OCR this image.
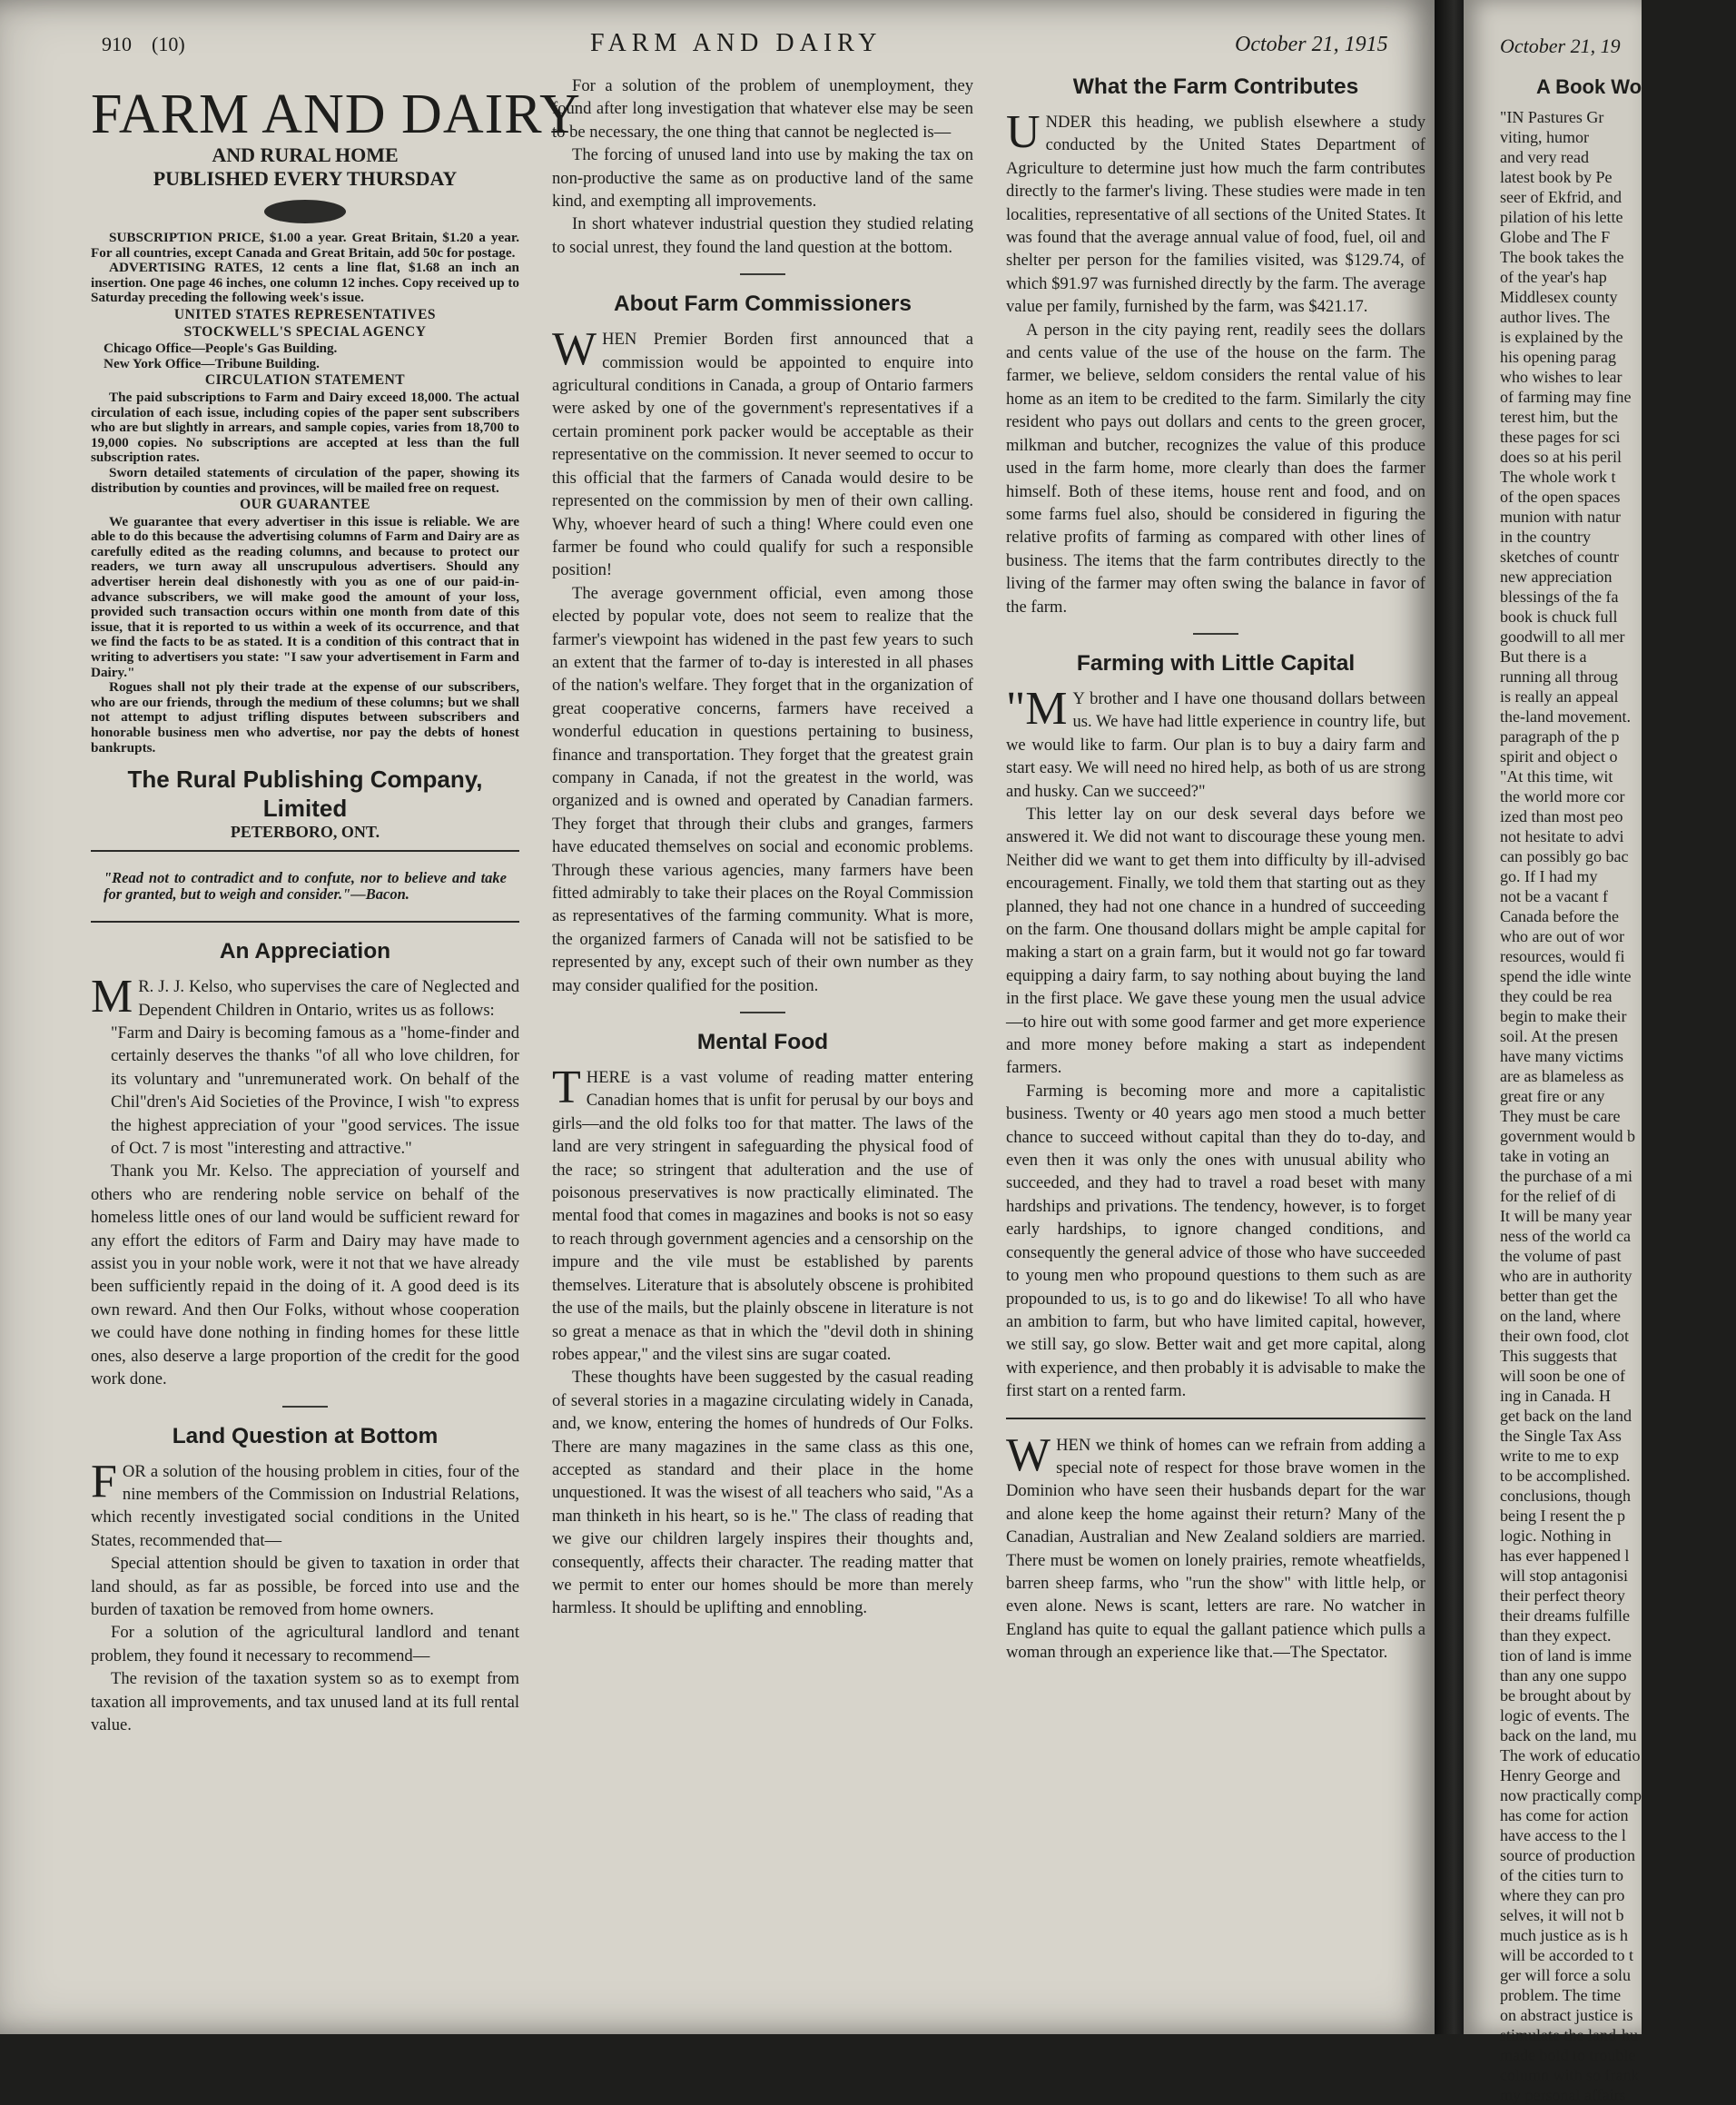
910 (10)	FARM AND DAIRY	October 21, 1915
FARM AND DAIRY
AND RURAL HOME
PUBLISHED EVERY THURSDAY

SUBSCRIPTION PRICE, $1.00 a year. Great Britain, $1.20 a year. For all countries, except Canada and Great Britain, add 50c for postage.

ADVERTISING RATES, 12 cents a line flat, $1.68 an inch an insertion. One page 46 inches, one column 12 inches. Copy received up to Saturday preceding the following week's issue.

UNITED STATES REPRESENTATIVES
STOCKWELL'S SPECIAL AGENCY

Chicago Office—People's Gas Building.

New York Office—Tribune Building.

CIRCULATION STATEMENT

The paid subscriptions to Farm and Dairy exceed 18,000. The actual circulation of each issue, including copies of the paper sent subscribers who are but slightly in arrears, and sample copies, varies from 18,700 to 19,000 copies. No subscriptions are accepted at less than the full subscription rates.

Sworn detailed statements of circulation of the paper, showing its distribution by counties and provinces, will be mailed free on request.

OUR GUARANTEE

We guarantee that every advertiser in this issue is reliable. We are able to do this because the advertising columns of Farm and Dairy are as carefully edited as the reading columns, and because to protect our readers, we turn away all unscrupulous advertisers. Should any advertiser herein deal dishonestly with you as one of our paid-in-advance subscribers, we will make good the amount of your loss, provided such transaction occurs within one month from date of this issue, that it is reported to us within a week of its occurrence, and that we find the facts to be as stated. It is a condition of this contract that in writing to advertisers you state: "I saw your advertisement in Farm and Dairy."

Rogues shall not ply their trade at the expense of our subscribers, who are our friends, through the medium of these columns; but we shall not attempt to adjust trifling disputes between subscribers and honorable business men who advertise, nor pay the debts of honest bankrupts.

The Rural Publishing Company, Limited
PETERBORO, ONT.
"Read not to contradict and to confute, nor to believe and take for granted, but to weigh and consider."—Bacon.
An Appreciation

M R. J. J. Kelso, who supervises the care of Neglected and Dependent Children in Ontario, writes us as follows:

"Farm and Dairy is becoming famous as a "home-finder and certainly deserves the thanks "of all who love children, for its voluntary and "unremunerated work. On behalf of the Chil"dren's Aid Societies of the Province, I wish "to express the highest appreciation of your "good services. The issue of Oct. 7 is most "interesting and attractive."

Thank you Mr. Kelso. The appreciation of yourself and others who are rendering noble service on behalf of the homeless little ones of our land would be sufficient reward for any effort the editors of Farm and Dairy may have made to assist you in your noble work, were it not that we have already been sufficiently repaid in the doing of it. A good deed is its own reward. And then Our Folks, without whose cooperation we could have done nothing in finding homes for these little ones, also deserve a large proportion of the credit for the good work done.

Land Question at Bottom

FOR a solution of the housing problem in cities, four of the nine members of the Commission on Industrial Relations, which recently investigated social conditions in the United States, recommended that—

Special attention should be given to taxation in order that land should, as far as possible, be forced into use and the burden of taxation be removed from home owners.

For a solution of the agricultural landlord and tenant problem, they found it necessary to recommend—

The revision of the taxation system so as to exempt from taxation all improvements, and tax unused land at its full rental value.

For a solution of the problem of unemployment, they found after long investigation that whatever else may be seen to be necessary, the one thing that cannot be neglected is—

The forcing of unused land into use by making the tax on non-productive the same as on productive land of the same kind, and exempting all improvements.

In short whatever industrial question they studied relating to social unrest, they found the land question at the bottom.

About Farm Commissioners

WHEN Premier Borden first announced that a commission would be appointed to enquire into agricultural conditions in Canada, a group of Ontario farmers were asked by one of the government's representatives if a certain prominent pork packer would be acceptable as their representative on the commission. It never seemed to occur to this official that the farmers of Canada would desire to be represented on the commission by men of their own calling. Why, whoever heard of such a thing! Where could even one farmer be found who could qualify for such a responsible position!

The average government official, even among those elected by popular vote, does not seem to realize that the farmer's viewpoint has widened in the past few years to such an extent that the farmer of to-day is interested in all phases of the nation's welfare. They forget that in the organization of great cooperative concerns, farmers have received a wonderful education in questions pertaining to business, finance and transportation. They forget that the greatest grain company in Canada, if not the greatest in the world, was organized and is owned and operated by Canadian farmers. They forget that through their clubs and granges, farmers have educated themselves on social and economic problems. Through these various agencies, many farmers have been fitted admirably to take their places on the Royal Commission as representatives of the farming community. What is more, the organized farmers of Canada will not be satisfied to be represented by any, except such of their own number as they may consider qualified for the position.

Mental Food

THERE is a vast volume of reading matter entering Canadian homes that is unfit for perusal by our boys and girls—and the old folks too for that matter. The laws of the land are very stringent in safeguarding the physical food of the race; so stringent that adulteration and the use of poisonous preservatives is now practically eliminated. The mental food that comes in magazines and books is not so easy to reach through government agencies and a censorship on the impure and the vile must be established by parents themselves. Literature that is absolutely obscene is prohibited the use of the mails, but the plainly obscene in literature is not so great a menace as that in which the "devil doth in shining robes appear," and the vilest sins are sugar coated.

These thoughts have been suggested by the casual reading of several stories in a magazine circulating widely in Canada, and, we know, entering the homes of hundreds of Our Folks. There are many magazines in the same class as this one, accepted as standard and their place in the home unquestioned. It was the wisest of all teachers who said, "As a man thinketh in his heart, so is he." The class of reading that we give our children largely inspires their thoughts and, consequently, affects their character. The reading matter that we permit to enter our homes should be more than merely harmless. It should be uplifting and ennobling.

What the Farm Contributes

UNDER this heading, we publish elsewhere a study conducted by the United States Department of Agriculture to determine just how much the farm contributes directly to the farmer's living. These studies were made in ten localities, representative of all sections of the United States. It was found that the average annual value of food, fuel, oil and shelter per person for the families visited, was $129.74, of which $91.97 was furnished directly by the farm. The average value per family, furnished by the farm, was $421.17.

A person in the city paying rent, readily sees the dollars and cents value of the use of the house on the farm. The farmer, we believe, seldom considers the rental value of his home as an item to be credited to the farm. Similarly the city resident who pays out dollars and cents to the green grocer, milkman and butcher, recognizes the value of this produce used in the farm home, more clearly than does the farmer himself. Both of these items, house rent and food, and on some farms fuel also, should be considered in figuring the relative profits of farming as compared with other lines of business. The items that the farm contributes directly to the living of the farmer may often swing the balance in favor of the farm.

Farming with Little Capital

"M Y brother and I have one thousand dollars between us. We have had little experience in country life, but we would like to farm. Our plan is to buy a dairy farm and start easy. We will need no hired help, as both of us are strong and husky. Can we succeed?"

This letter lay on our desk several days before we answered it. We did not want to discourage these young men. Neither did we want to get them into difficulty by ill-advised encouragement. Finally, we told them that starting out as they planned, they had not one chance in a hundred of succeeding on the farm. One thousand dollars might be ample capital for making a start on a grain farm, but it would not go far toward equipping a dairy farm, to say nothing about buying the land in the first place. We gave these young men the usual advice—to hire out with some good farmer and get more experience and more money before making a start as independent farmers.

Farming is becoming more and more a capitalistic business. Twenty or 40 years ago men stood a much better chance to succeed without capital than they do to-day, and even then it was only the ones with unusual ability who succeeded, and they had to travel a road beset with many hardships and privations. The tendency, however, is to forget early hardships, to ignore changed conditions, and consequently the general advice of those who have succeeded to young men who propound questions to them such as are propounded to us, is to go and do likewise! To all who have an ambition to farm, but who have limited capital, however, we still say, go slow. Better wait and get more capital, along with experience, and then probably it is advisable to make the first start on a rented farm.

WHEN we think of homes can we refrain from adding a special note of respect for those brave women in the Dominion who have seen their husbands depart for the war and alone keep the home against their return? Many of the Canadian, Australian and New Zealand soldiers are married. There must be women on lonely prairies, remote wheatfields, barren sheep farms, who "run the show" with little help, or even alone. News is scant, letters are rare. No watcher in England has quite to equal the gallant patience which pulls a woman through an experience like that.—The Spectator.

October 21, 19
A Book Wo
"IN Pastures Gr
viting, humor
and very read
latest book by Pe
seer of Ekfrid, and
pilation of his lette
Globe and The F
The book takes the
of the year's hap
Middlesex county
author lives. The
is explained by the
his opening parag
who wishes to lear
of farming may fine
terest him, but the
these pages for sci
does so at his peril
The whole work t
of the open spaces
munion with natur
in the country
sketches of countr
new appreciation
blessings of the fa
book is chuck full
goodwill to all mer
But there is a
running all throug
is really an appeal
the-land movement.
paragraph of the p
spirit and object o
"At this time, wit
the world more cor
ized than most peo
not hesitate to advi
can possibly go bac
go. If I had my
not be a vacant f
Canada before the
who are out of wor
resources, would fi
spend the idle winte
they could be rea
begin to make their
soil. At the presen
have many victims
are as blameless as
great fire or any
They must be care
government would b
take in voting an
the purchase of a mi
for the relief of di
It will be many year
ness of the world ca
the volume of past
who are in authority
better than get the
on the land, where
their own food, clot
This suggests that
will soon be one of
ing in Canada. H
get back on the land
the Single Tax Ass
write to me to exp
to be accomplished.
conclusions, though
being I resent the p
logic. Nothing in
has ever happened l
will stop antagonisi
their perfect theory
their dreams fulfille
than they expect.
tion of land is imme
than any one suppo
be brought about by
logic of events. The
back on the land, mu
The work of educatio
Henry George and
now practically comp
has come for action
have access to the l
source of production
of the cities turn to
where they can pro
selves, it will not b
much justice as is h
will be accorded to t
ger will force a solu
problem. The time
on abstract justice is
stimulate the land-hu
made bold to trouble
column with so frank
my personal affairs
